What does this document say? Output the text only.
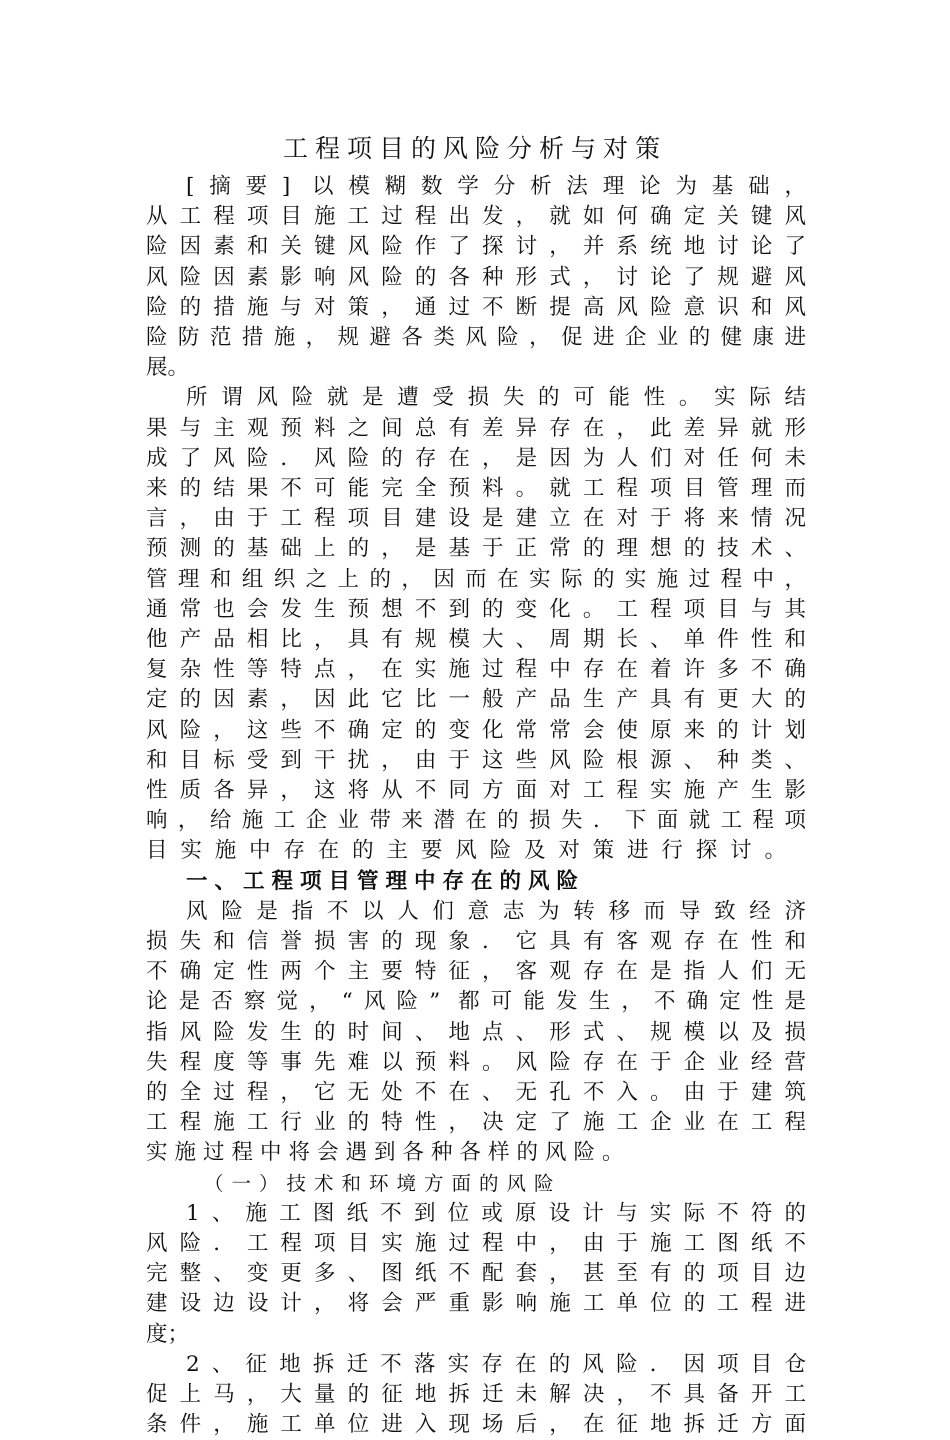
工程项目的风险分析与对策
[摘要] 以模糊数学分析法理论为基础，
从工程项目施工过程出发，就如何确定关键风
险因素和关键风险作了探讨，并系统地讨论了
风险因素影响风险的各种形式，讨论了规避风
险的措施与对策，通过不断提高风险意识和风
险防范措施，规避各类风险，促进企业的健康进
展。
所谓风险就是遭受损失的可能性。实际结
果与主观预料之间总有差异存在，此差异就形
成了风险．风险的存在，是因为人们对任何未
来的结果不可能完全预料。就工程项目管理而
言，由于工程项目建设是建立在对于将来情况
预测的基础上的，是基于正常的理想的技术、
管理和组织之上的，因而在实际的实施过程中，
通常也会发生预想不到的变化。工程项目与其
他产品相比，具有规模大、周期长、单件性和
复杂性等特点，在实施过程中存在着许多不确
定的因素，因此它比一般产品生产具有更大的
风险，这些不确定的变化常常会使原来的计划
和目标受到干扰，由于这些风险根源、种类、
性质各异，这将从不同方面对工程实施产生影
响，给施工企业带来潜在的损失．下面就工程项
目实施中存在的主要风险及对策进行探讨。
一、工程项目管理中存在的风险
风险是指不以人们意志为转移而导致经济
损失和信誉损害的现象．它具有客观存在性和
不确定性两个主要特征，客观存在是指人们无
论是否察觉，“风险” 都可能发生，不确定性是
指风险发生的时间、地点、形式、规模以及损
失程度等事先难以预料。风险存在于企业经营
的全过程，它无处不在、无孔不入。由于建筑
工程施工行业的特性，决定了施工企业在工程
实施过程中将会遇到各种各样的风险。
（一）技术和环境方面的风险
1、施工图纸不到位或原设计与实际不符的
风险．工程项目实施过程中，由于施工图纸不
完整、变更多、图纸不配套，甚至有的项目边
建设边设计，将会严重影响施工单位的工程进
度；
2、征地拆迁不落实存在的风险．因项目仓
促上马，大量的征地拆迁未解决，不具备开工
条件，施工单位进入现场后，在征地拆迁方面
